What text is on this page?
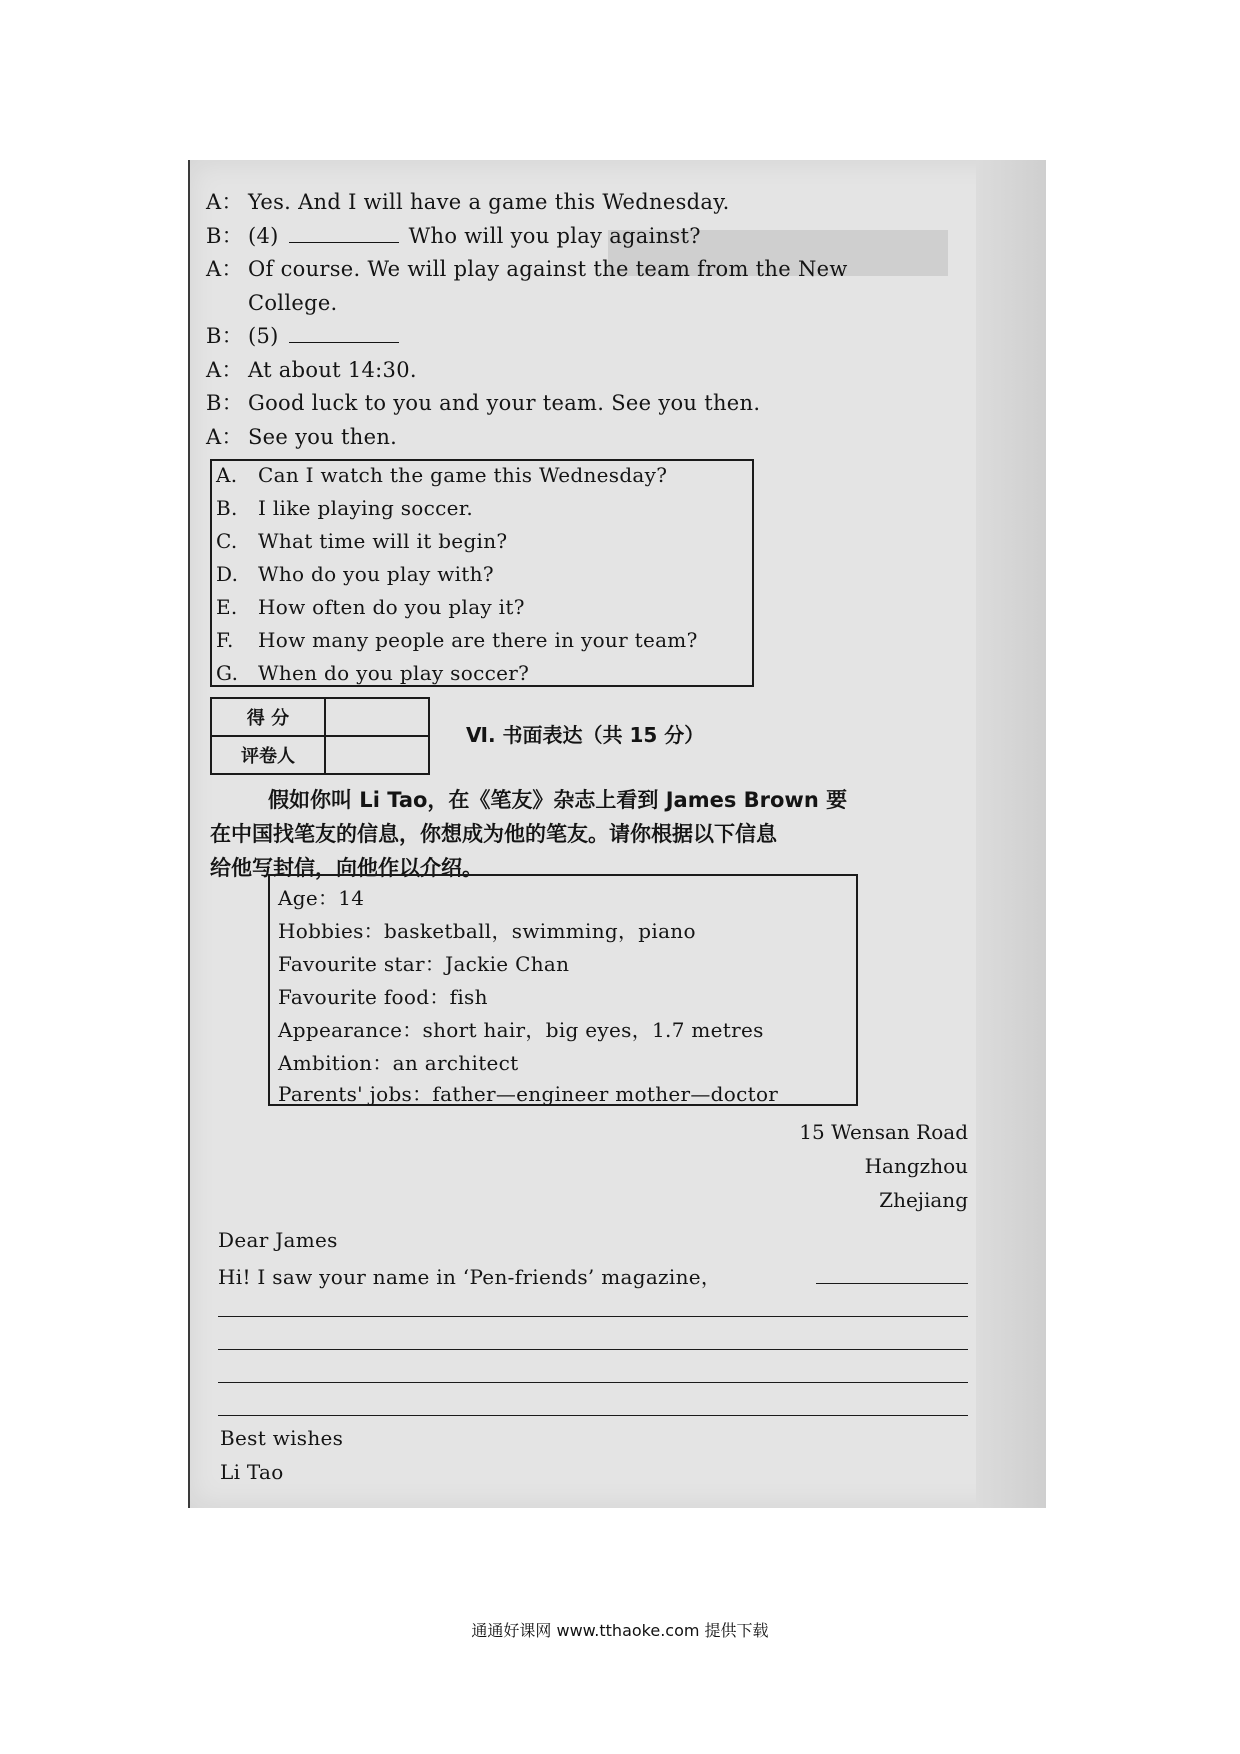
A： Yes. And I will have a game this Wednesday.
B： (4)	Who will you play against?
A： Of course. We will play against the team from the New
College.
B： (5)
A： At about 14:30.
B： Good luck to you and your team. See you then.
A： See you then.
A. Can I watch the game this Wednesday?
B. I like playing soccer.
C. What time will it begin?
D. Who do you play with?
E. How often do you play it?
F. How many people are there in your team?
G. When do you play soccer?
得 分	
评卷人	
Ⅵ. 书面表达（共 15 分）
假如你叫 Li Tao，在《笔友》杂志上看到 James Brown 要
在中国找笔友的信息，你想成为他的笔友。请你根据以下信息
给他写封信，向他作以介绍。
Age：14
Hobbies：basketball，swimming，piano
Favourite star：Jackie Chan
Favourite food：fish
Appearance：short hair，big eyes，1.7 metres
Ambition：an architect
Parents' jobs：father—engineer mother—doctor
15 Wensan Road
Hangzhou
Zhejiang
Dear James
Hi! I saw your name in ‘Pen-friends’ magazine，
Best wishes
Li Tao
通通好课网 www.tthaoke.com 提供下载
